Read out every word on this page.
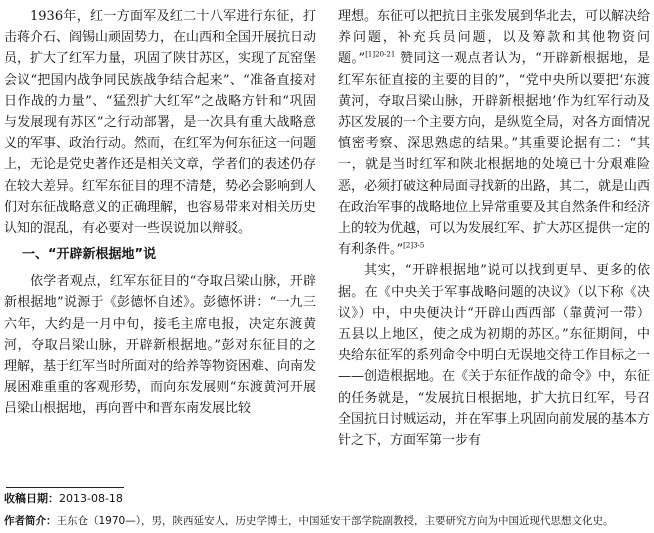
1936年，红一方面军及红二十八军进行东征，打击蒋介石、阎锡山顽固势力，在山西和全国开展抗日动员，扩大了红军力量，巩固了陕甘苏区，实现了瓦窑堡会议“把国内战争同民族战争结合起来”、“准备直接对日作战的力量”、“猛烈扩大红军”之战略方针和“巩固与发展现有苏区”之行动部署，是一次具有重大战略意义的军事、政治行动。然而，在红军为何东征这一问题上，无论是党史著作还是相关文章，学者们的表述仍存在较大差异。红军东征目的理不清楚，势必会影响到人们对东征战略意义的正确理解，也容易带来对相关历史认知的混乱，有必要对一些误说加以辩驳。

一、“开辟新根据地”说

依学者观点，红军东征目的“夺取吕梁山脉，开辟新根据地”说源于《彭德怀自述》。彭德怀讲：“一九三六年，大约是一月中旬，接毛主席电报，决定东渡黄河，夺取吕梁山脉，开辟新根据地。”彭对东征目的之理解，基于红军当时所面对的给养等物资困难、向南发展困难重重的客观形势，而向东发展则“东渡黄河开展吕梁山根据地，再向晋中和晋东南发展比较

理想。东征可以把抗日主张发展到华北去，可以解决给养问题，补充兵员问题，以及筹款和其他物资问题。”$^{[1]20-21}$ 赞同这一观点者认为，“开辟新根据地，是红军东征直接的主要的目的”，“党中央所以要把‘东渡黄河，夺取吕梁山脉，开辟新根据地’作为红军行动及苏区发展的一个主要方向，是纵览全局，对各方面情况慎密考察、深思熟虑的结果。”其重要论据有二：“其一，就是当时红军和陕北根据地的处境已十分艰难险恶，必须打破这种局面寻找新的出路，其二，就是山西在政治军事的战略地位上异常重要及其自然条件和经济上的较为优越，可以为发展红军、扩大苏区提供一定的有利条件。”$^{[2]3-5}$

其实，“开辟根据地”说可以找到更早、更多的依据。在《中央关于军事战略问题的决议》（以下称《决议》）中，中央便决计“开辟山西西部（靠黄河一带）五县以上地区，使之成为初期的苏区。”东征期间，中央给东征军的系列命令中明白无误地交待工作目标之一——创造根据地。在《关于东征作战的命令》中，东征的任务就是，“发展抗日根据地，扩大抗日红军，号召全国抗日讨贼运动，并在军事上巩固向前发展的基本方针之下，方面军第一步有

收稿日期：2013-08-18
作者简介：王东仓（1970—），男，陕西延安人，历史学博士，中国延安干部学院副教授，主要研究方向为中国近现代思想文化史。
